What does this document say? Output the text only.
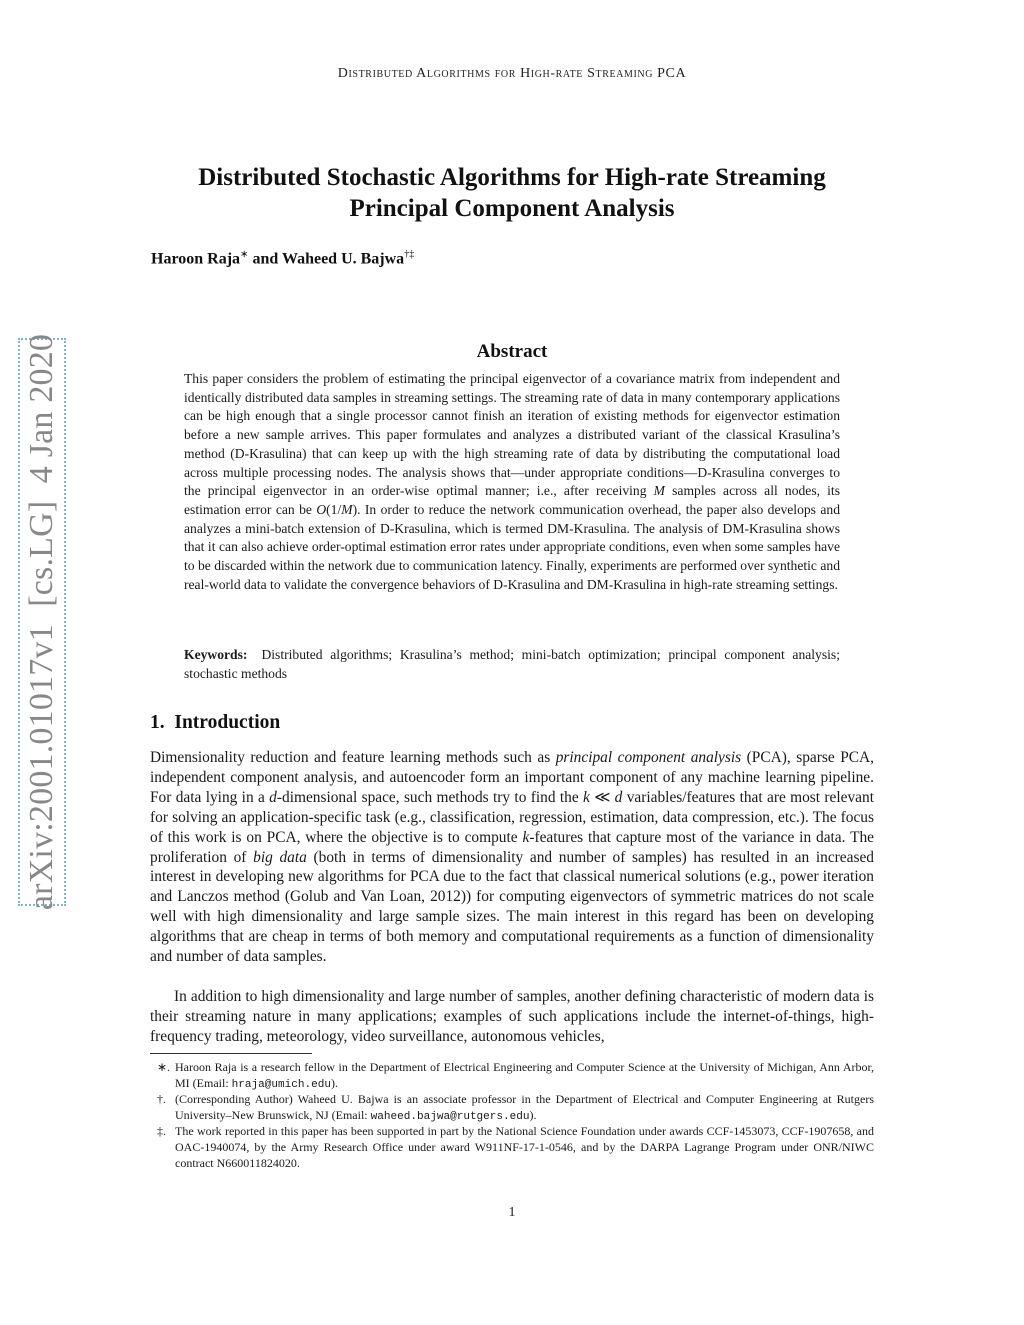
Distributed Algorithms for High-rate Streaming PCA
Distributed Stochastic Algorithms for High-rate Streaming
Principal Component Analysis
Haroon Raja∗ and Waheed U. Bajwa†‡
arXiv:2001.01017v1  [cs.LG]  4 Jan 2020	Abstract
This paper considers the problem of estimating the principal eigenvector of a covariance matrix from independent and identically distributed data samples in streaming settings. The streaming rate of data in many contemporary applications can be high enough that a single processor cannot finish an iteration of existing methods for eigenvector estimation before a new sample arrives. This paper formulates and analyzes a distributed variant of the classical Krasulina’s method (D-Krasulina) that can keep up with the high streaming rate of data by distributing the computational load across multiple processing nodes. The analysis shows that—under appropriate conditions—D-Krasulina converges to the principal eigenvector in an order-wise optimal manner; i.e., after receiving M samples across all nodes, its estimation error can be O(1/M). In order to reduce the network communication overhead, the paper also develops and analyzes a mini-batch extension of D-Krasulina, which is termed DM-Krasulina. The analysis of DM-Krasulina shows that it can also achieve order-optimal estimation error rates under appropriate conditions, even when some samples have to be discarded within the network due to communication latency. Finally, experiments are performed over synthetic and real-world data to validate the convergence behaviors of D-Krasulina and DM-Krasulina in high-rate streaming settings.
Keywords: Distributed algorithms; Krasulina’s method; mini-batch optimization; principal component analysis; stochastic methods
1.  Introduction

Dimensionality reduction and feature learning methods such as principal component analysis (PCA), sparse PCA, independent component analysis, and autoencoder form an important component of any machine learning pipeline. For data lying in a d-dimensional space, such methods try to find the k ≪ d variables/features that are most relevant for solving an application-specific task (e.g., classification, regression, estimation, data compression, etc.). The focus of this work is on PCA, where the objective is to compute k-features that capture most of the variance in data. The proliferation of big data (both in terms of dimensionality and number of samples) has resulted in an increased interest in developing new algorithms for PCA due to the fact that classical numerical solutions (e.g., power iteration and Lanczos method (Golub and Van Loan, 2012)) for computing eigenvectors of symmetric matrices do not scale well with high dimensionality and large sample sizes. The main interest in this regard has been on developing algorithms that are cheap in terms of both memory and computational requirements as a function of dimensionality and number of data samples.

In addition to high dimensionality and large number of samples, another defining characteristic of modern data is their streaming nature in many applications; examples of such applications include the internet-of-things, high-frequency trading, meteorology, video surveillance, autonomous vehicles,

∗. Haroon Raja is a research fellow in the Department of Electrical Engineering and Computer Science at the University of Michigan, Ann Arbor, MI (Email: hraja@umich.edu).
†. (Corresponding Author) Waheed U. Bajwa is an associate professor in the Department of Electrical and Computer Engineering at Rutgers University–New Brunswick, NJ (Email: waheed.bajwa@rutgers.edu).
‡. The work reported in this paper has been supported in part by the National Science Foundation under awards CCF-1453073, CCF-1907658, and OAC-1940074, by the Army Research Office under award W911NF-17-1-0546, and by the DARPA Lagrange Program under ONR/NIWC contract N660011824020.
1
